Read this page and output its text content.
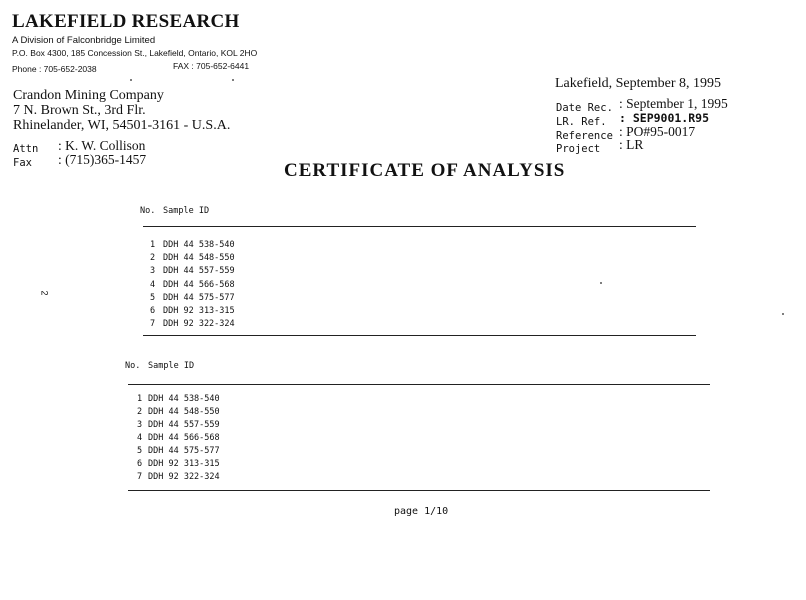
LAKEFIELD RESEARCH
A Division of Falconbridge Limited
P.O. Box 4300, 185 Concession St., Lakefield, Ontario, KOL 2HO
Phone : 705-652-2038	FAX : 705-652-6441
Lakefield, September 8, 1995
Crandon Mining Company
7 N. Brown St., 3rd Flr.
Rhinelander, WI, 54501-3161 - U.S.A.
Attn : K. W. Collison
Fax : (715)365-1457
Date Rec. : September 1, 1995
LR. Ref. : SEP9001.R95
Reference : PO#95-0017
Project : LR
CERTIFICATE OF ANALYSIS
No. Sample ID
1 DDH 44 538-540
2 DDH 44 548-550
3 DDH 44 557-559
4 DDH 44 566-568
5 DDH 44 575-577
6 DDH 92 313-315
7 DDH 92 322-324
No. Sample ID
1 DDH 44 538-540
2 DDH 44 548-550
3 DDH 44 557-559
4 DDH 44 566-568
5 DDH 44 575-577
6 DDH 92 313-315
7 DDH 92 322-324
page 1/10
2
